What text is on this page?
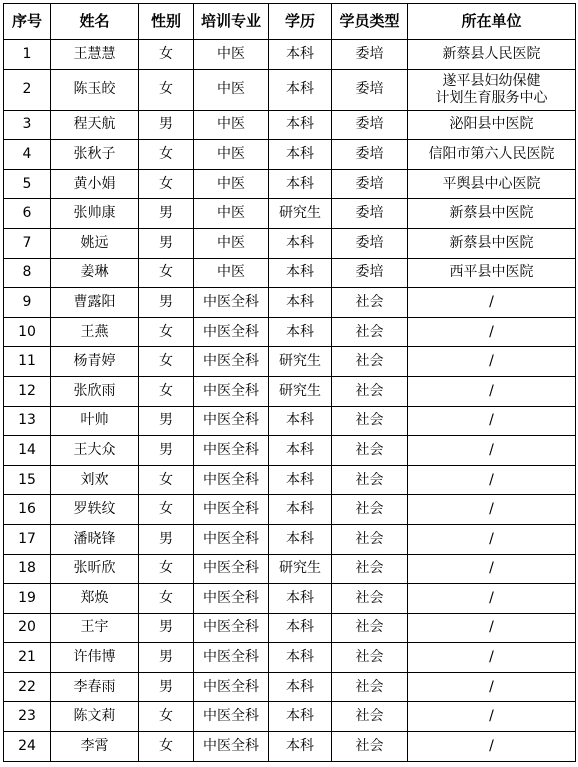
序号	姓名	性别	培训专业	学历	学员类型	所在单位
1	王慧慧	女	中医	本科	委培	新蔡县人民医院
2	陈玉皎	女	中医	本科	委培	遂平县妇幼保健
计划生育服务中心
3	程天航	男	中医	本科	委培	泌阳县中医院
4	张秋子	女	中医	本科	委培	信阳市第六人民医院
5	黄小娟	女	中医	本科	委培	平舆县中心医院
6	张帅康	男	中医	研究生	委培	新蔡县中医院
7	姚远	男	中医	本科	委培	新蔡县中医院
8	姜琳	女	中医	本科	委培	西平县中医院
9	曹露阳	男	中医全科	本科	社会	/
10	王燕	女	中医全科	本科	社会	/
11	杨青婷	女	中医全科	研究生	社会	/
12	张欣雨	女	中医全科	研究生	社会	/
13	叶帅	男	中医全科	本科	社会	/
14	王大众	男	中医全科	本科	社会	/
15	刘欢	女	中医全科	本科	社会	/
16	罗轶纹	女	中医全科	本科	社会	/
17	潘晓锋	男	中医全科	本科	社会	/
18	张昕欣	女	中医全科	研究生	社会	/
19	郑焕	女	中医全科	本科	社会	/
20	王宇	男	中医全科	本科	社会	/
21	许伟博	男	中医全科	本科	社会	/
22	李春雨	男	中医全科	本科	社会	/
23	陈文莉	女	中医全科	本科	社会	/
24	李霄	女	中医全科	本科	社会	/
